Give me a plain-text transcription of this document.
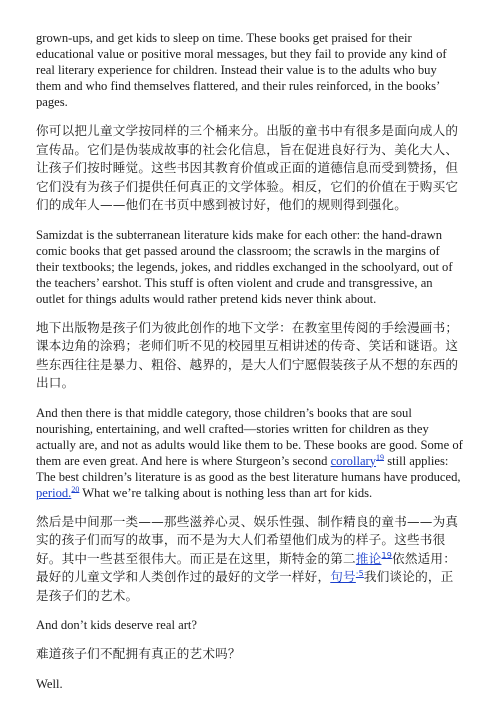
grown-ups, and get kids to sleep on time. These books get praised for their educational value or positive moral messages, but they fail to provide any kind of real literary experience for children. Instead their value is to the adults who buy them and who find themselves flattered, and their rules reinforced, in the books’ pages.

你可以把儿童文学按同样的三个桶来分。出版的童书中有很多是面向成人的宣传品。它们是伪装成故事的社会化信息，旨在促进良好行为、美化大人、让孩子们按时睡觉。这些书因其教育价值或正面的道德信息而受到赞扬，但它们没有为孩子们提供任何真正的文学体验。相反，它们的价值在于购买它们的成年人——他们在书页中感到被讨好，他们的规则得到强化。

Samizdat is the subterranean literature kids make for each other: the hand-drawn comic books that get passed around the classroom; the scrawls in the margins of their textbooks; the legends, jokes, and riddles exchanged in the schoolyard, out of the teachers’ earshot. This stuff is often violent and crude and transgressive, an outlet for things adults would rather pretend kids never think about.

地下出版物是孩子们为彼此创作的地下文学：在教室里传阅的手绘漫画书；课本边角的涂鸦；老师们听不见的校园里互相讲述的传奇、笑话和谜语。这些东西往往是暴力、粗俗、越界的，是大人们宁愿假装孩子从不想的东西的出口。

And then there is that middle category, those children’s books that are soul nourishing, entertaining, and well crafted—stories written for children as they actually are, and not as adults would like them to be. These books are good. Some of them are even great. And here is where Sturgeon’s second corollary$^{19}$ still applies: The best children’s literature is as good as the best literature humans have produced, period.$^{20}$ What we’re talking about is nothing less than art for kids.

然后是中间那一类——那些滋养心灵、娱乐性强、制作精良的童书——为真实的孩子们而写的故事，而不是为大人们希望他们成为的样子。这些书很好。其中一些甚至很伟大。而正是在这里，斯特金的第二推论$^{19}$依然适用：最好的儿童文学和人类创作过的最好的文学一样好，句号$^{\cdot 5}$我们谈论的，正是孩子们的艺术。

And don’t kids deserve real art?

难道孩子们不配拥有真正的艺术吗？

Well.
